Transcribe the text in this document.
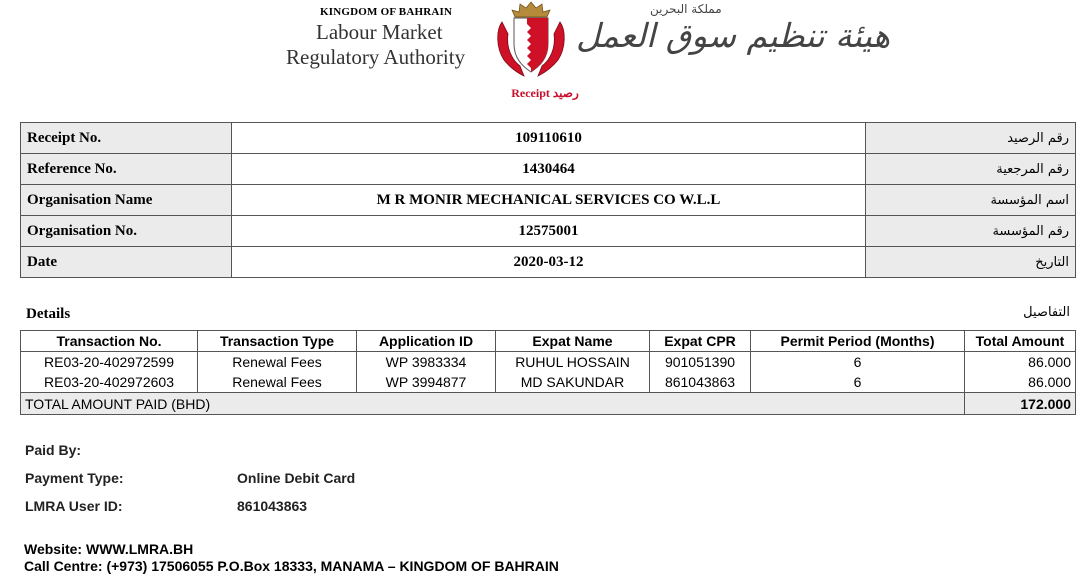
KINGDOM OF BAHRAIN
Labour Market
Regulatory Authority
مملكة البحرين
هيئة تنظيم سوق العمل
Receipt رصيد
Receipt No.	109110610	رقم الرصيد
Reference No.	1430464	رقم المرجعية
Organisation Name	M R MONIR MECHANICAL SERVICES CO W.L.L	اسم المؤسسة
Organisation No.	12575001	رقم المؤسسة
Date	2020-03-12	التاريخ
Details	التفاصيل
Transaction No.	Transaction Type	Application ID	Expat Name	Expat CPR	Permit Period (Months)	Total Amount
RE03-20-402972599	Renewal Fees	WP 3983334	RUHUL HOSSAIN	901051390	6	86.000
RE03-20-402972603	Renewal Fees	WP 3994877	MD SAKUNDAR	861043863	6	86.000
TOTAL AMOUNT PAID (BHD)						172.000
Paid By:
Payment Type:	Online Debit Card
LMRA User ID:	861043863
Website: WWW.LMRA.BH
Call Centre: (+973) 17506055 P.O.Box 18333, MANAMA – KINGDOM OF BAHRAIN
